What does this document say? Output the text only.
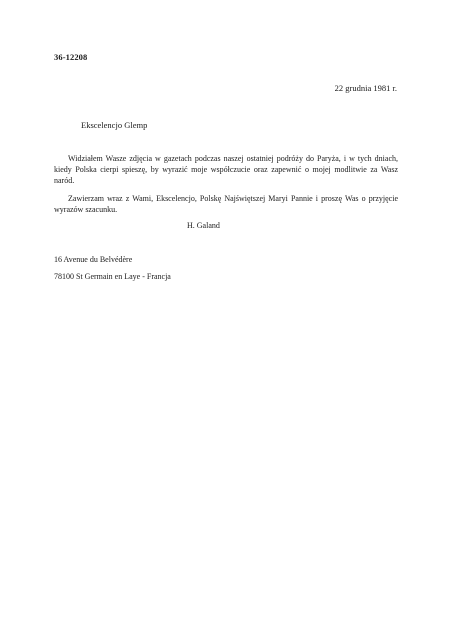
36-12208
22 grudnia 1981 r.
Ekscelencjo Glemp
Widziałem Wasze zdjęcia w gazetach podczas naszej ostatniej podróży do Paryża, i w tych dniach, kiedy Polska cierpi spieszę, by wyrazić moje współczucie oraz zapewnić o mojej modlitwie za Wasz naród.
Zawierzam wraz z Wami, Ekscelencjo, Polskę Najświętszej Maryi Pannie i proszę Was o przyjęcie wyrazów szacunku.
H. Galand
16 Avenue du Belvédère
78100 St Germain en Laye - Francja
